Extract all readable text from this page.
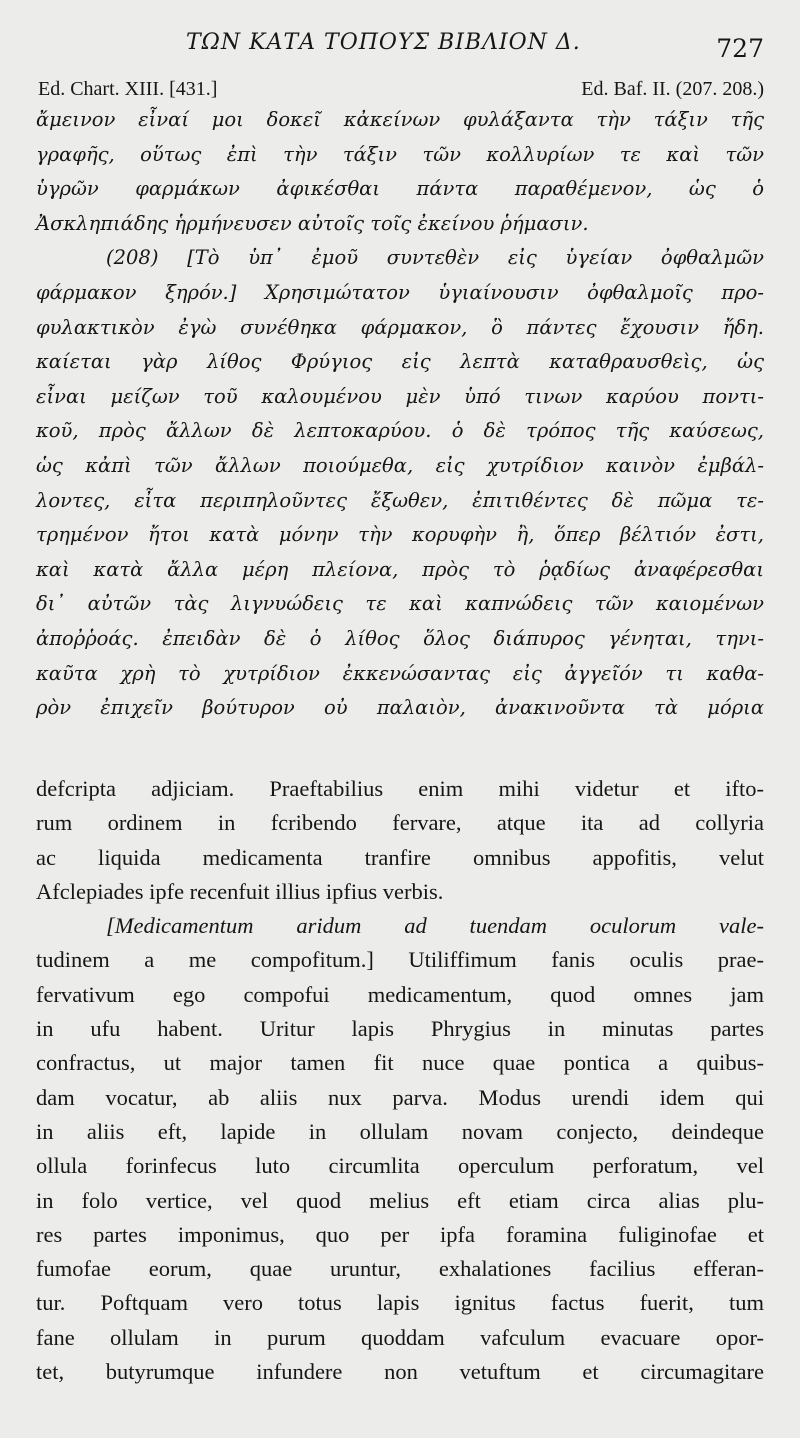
ΤΩΝ ΚΑΤΑ ΤΟΠΟΥΣ ΒΙΒΛΙΟΝ Δ.	727
Ed. Chart. XIII. [431.]	Ed. Baf. II. (207. 208.)
ἄμεινον εἶναί μοι δοκεῖ κἀκείνων φυλάξαντα τὴν τάξιν τῆς
γραφῆς, οὕτως ἐπὶ τὴν τάξιν τῶν κολλυρίων τε καὶ τῶν
ὑγρῶν φαρμάκων ἀφικέσθαι πάντα παραθέμενον, ὡς ὁ
Ἀσκληπιάδης ἡρμήνευσεν αὐτοῖς τοῖς ἐκείνου ῥήμασιν.
(208) [Τὸ ὑπ᾽ ἐμοῦ συντεθὲν εἰς ὑγείαν ὀφθαλμῶν
φάρμακον ξηρόν.] Χρησιμώτατον ὑγιαίνουσιν ὀφθαλμοῖς προ-
φυλακτικὸν ἐγὼ συνέθηκα φάρμακον, ὃ πάντες ἔχουσιν ἤδη.
καίεται γὰρ λίθος Φρύγιος εἰς λεπτὰ καταθραυσθεὶς, ὡς
εἶναι μείζων τοῦ καλουμένου μὲν ὑπό τινων καρύου ποντι-
κοῦ, πρὸς ἄλλων δὲ λεπτοκαρύου. ὁ δὲ τρόπος τῆς καύσεως,
ὡς κἀπὶ τῶν ἄλλων ποιούμεθα, εἰς χυτρίδιον καινὸν ἐμβάλ-
λοντες, εἶτα περιπηλοῦντες ἔξωθεν, ἐπιτιθέντες δὲ πῶμα τε-
τρημένον ἤτοι κατὰ μόνην τὴν κορυφὴν ἢ, ὅπερ βέλτιόν ἐστι,
καὶ κατὰ ἄλλα μέρη πλείονα, πρὸς τὸ ῥᾳδίως ἀναφέρεσθαι
δι᾽ αὐτῶν τὰς λιγνυώδεις τε καὶ καπνώδεις τῶν καιομένων
ἀποῤῥοάς. ἐπειδὰν δὲ ὁ λίθος ὅλος διάπυρος γένηται, τηνι-
καῦτα χρὴ τὸ χυτρίδιον ἐκκενώσαντας εἰς ἀγγεῖόν τι καθα-
ρὸν ἐπιχεῖν βούτυρον οὐ παλαιὸν, ἀνακινοῦντα τὰ μόρια
defcripta adjiciam. Praeftabilius enim mihi videtur et ifto-
rum ordinem in fcribendo fervare, atque ita ad collyria
ac liquida medicamenta tranfire omnibus appofitis, velut
Afclepiades ipfe recenfuit illius ipfius verbis.
[Medicamentum aridum ad tuendam oculorum vale-
tudinem a me compofitum.] Utiliffimum fanis oculis prae-
fervativum ego compofui medicamentum, quod omnes jam
in ufu habent. Uritur lapis Phrygius in minutas partes
confractus, ut major tamen fit nuce quae pontica a quibus-
dam vocatur, ab aliis nux parva. Modus urendi idem qui
in aliis eft, lapide in ollulam novam conjecto, deindeque
ollula forinfecus luto circumlita operculum perforatum, vel
in folo vertice, vel quod melius eft etiam circa alias plu-
res partes imponimus, quo per ipfa foramina fuliginofae et
fumofae eorum, quae uruntur, exhalationes facilius efferan-
tur. Poftquam vero totus lapis ignitus factus fuerit, tum
fane ollulam in purum quoddam vafculum evacuare opor-
tet, butyrumque infundere non vetuftum et circumagitare
